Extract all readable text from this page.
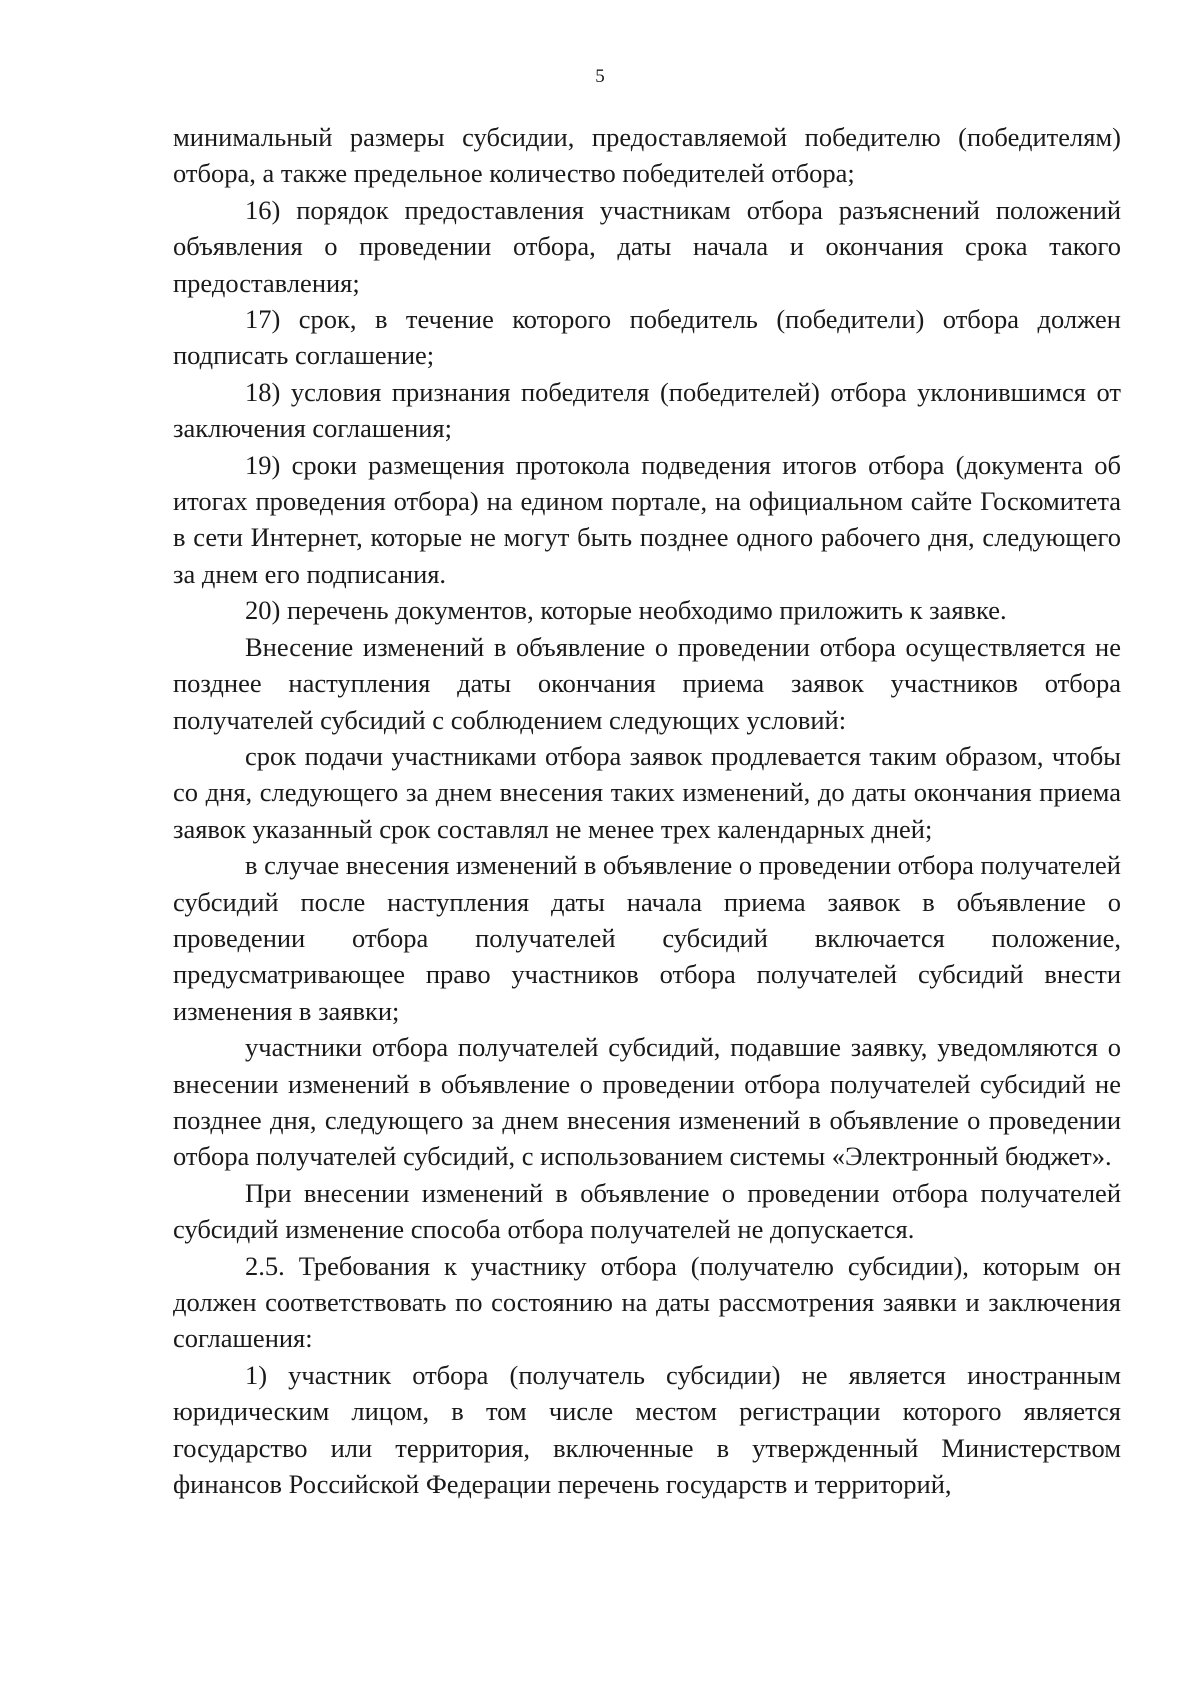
5

минимальный размеры субсидии, предоставляемой победителю (победителям) отбора, а также предельное количество победителей отбора;

16) порядок предоставления участникам отбора разъяснений положений объявления о проведении отбора, даты начала и окончания срока такого предоставления;

17) срок, в течение которого победитель (победители) отбора должен подписать соглашение;

18) условия признания победителя (победителей) отбора уклонившимся от заключения соглашения;

19) сроки размещения протокола подведения итогов отбора (документа об итогах проведения отбора) на едином портале, на официальном сайте Госкомитета в сети Интернет, которые не могут быть позднее одного рабочего дня, следующего за днем его подписания.

20) перечень документов, которые необходимо приложить к заявке.

Внесение изменений в объявление о проведении отбора осуществляется не позднее наступления даты окончания приема заявок участников отбора получателей субсидий с соблюдением следующих условий:

срок подачи участниками отбора заявок продлевается таким образом, чтобы со дня, следующего за днем внесения таких изменений, до даты окончания приема заявок указанный срок составлял не менее трех календарных дней;

в случае внесения изменений в объявление о проведении отбора получателей субсидий после наступления даты начала приема заявок в объявление о проведении отбора получателей субсидий включается положение, предусматривающее право участников отбора получателей субсидий внести изменения в заявки;

участники отбора получателей субсидий, подавшие заявку, уведомляются о внесении изменений в объявление о проведении отбора получателей субсидий не позднее дня, следующего за днем внесения изменений в объявление о проведении отбора получателей субсидий, с использованием системы «Электронный бюджет».

При внесении изменений в объявление о проведении отбора получателей субсидий изменение способа отбора получателей не допускается.

2.5. Требования к участнику отбора (получателю субсидии), которым он должен соответствовать по состоянию на даты рассмотрения заявки и заключения соглашения:

1) участник отбора (получатель субсидии) не является иностранным юридическим лицом, в том числе местом регистрации которого является государство или территория, включенные в утвержденный Министерством финансов Российской Федерации перечень государств и территорий,
